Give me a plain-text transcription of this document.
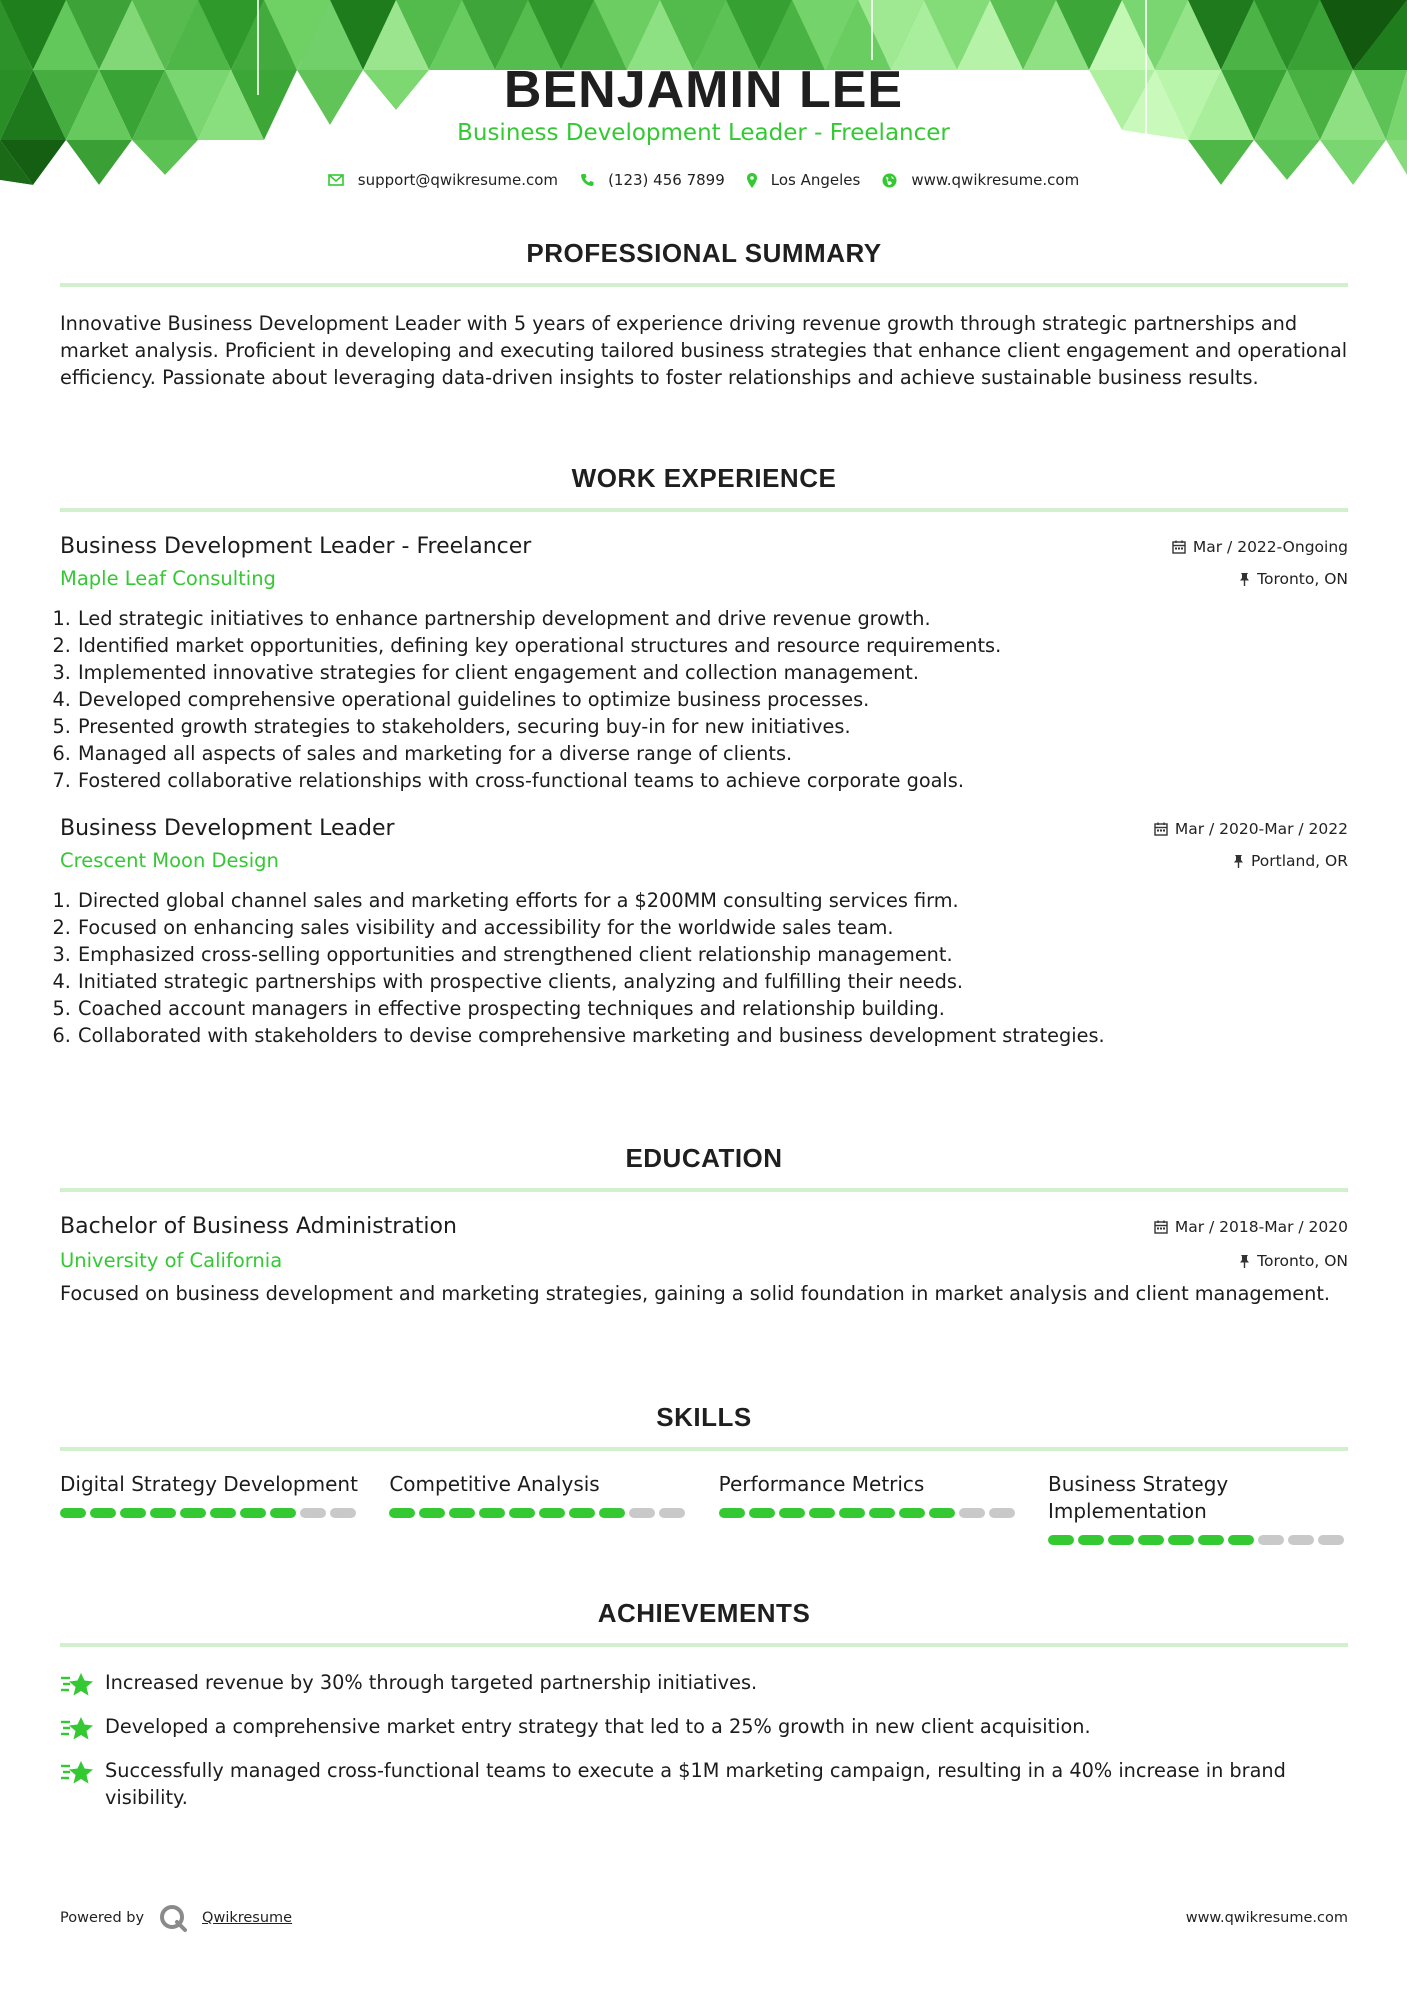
BENJAMIN LEE
Business Development Leader - Freelancer
support@qwikresume.com	(123) 456 7899	Los Angeles	www.qwikresume.com
PROFESSIONAL SUMMARY
Innovative Business Development Leader with 5 years of experience driving revenue growth through strategic partnerships and market analysis. Proficient in developing and executing tailored business strategies that enhance client engagement and operational efficiency. Passionate about leveraging data-driven insights to foster relationships and achieve sustainable business results.
WORK EXPERIENCE
Business Development Leader - Freelancer	Mar / 2022-Ongoing
Maple Leaf Consulting	Toronto, ON
1. Led strategic initiatives to enhance partnership development and drive revenue growth.
2. Identified market opportunities, defining key operational structures and resource requirements.
3. Implemented innovative strategies for client engagement and collection management.
4. Developed comprehensive operational guidelines to optimize business processes.
5. Presented growth strategies to stakeholders, securing buy-in for new initiatives.
6. Managed all aspects of sales and marketing for a diverse range of clients.
7. Fostered collaborative relationships with cross-functional teams to achieve corporate goals.
Business Development Leader	Mar / 2020-Mar / 2022
Crescent Moon Design	Portland, OR
1. Directed global channel sales and marketing efforts for a $200MM consulting services firm.
2. Focused on enhancing sales visibility and accessibility for the worldwide sales team.
3. Emphasized cross-selling opportunities and strengthened client relationship management.
4. Initiated strategic partnerships with prospective clients, analyzing and fulfilling their needs.
5. Coached account managers in effective prospecting techniques and relationship building.
6. Collaborated with stakeholders to devise comprehensive marketing and business development strategies.
EDUCATION
Bachelor of Business Administration	Mar / 2018-Mar / 2020
University of California	Toronto, ON
Focused on business development and marketing strategies, gaining a solid foundation in market analysis and client management.
SKILLS
Digital Strategy Development	Competitive Analysis	Performance Metrics	Business Strategy Implementation
ACHIEVEMENTS
Increased revenue by 30% through targeted partnership initiatives.
Developed a comprehensive market entry strategy that led to a 25% growth in new client acquisition.
Successfully managed cross-functional teams to execute a $1M marketing campaign, resulting in a 40% increase in brand visibility.
Powered by	Qwikresume	www.qwikresume.com
